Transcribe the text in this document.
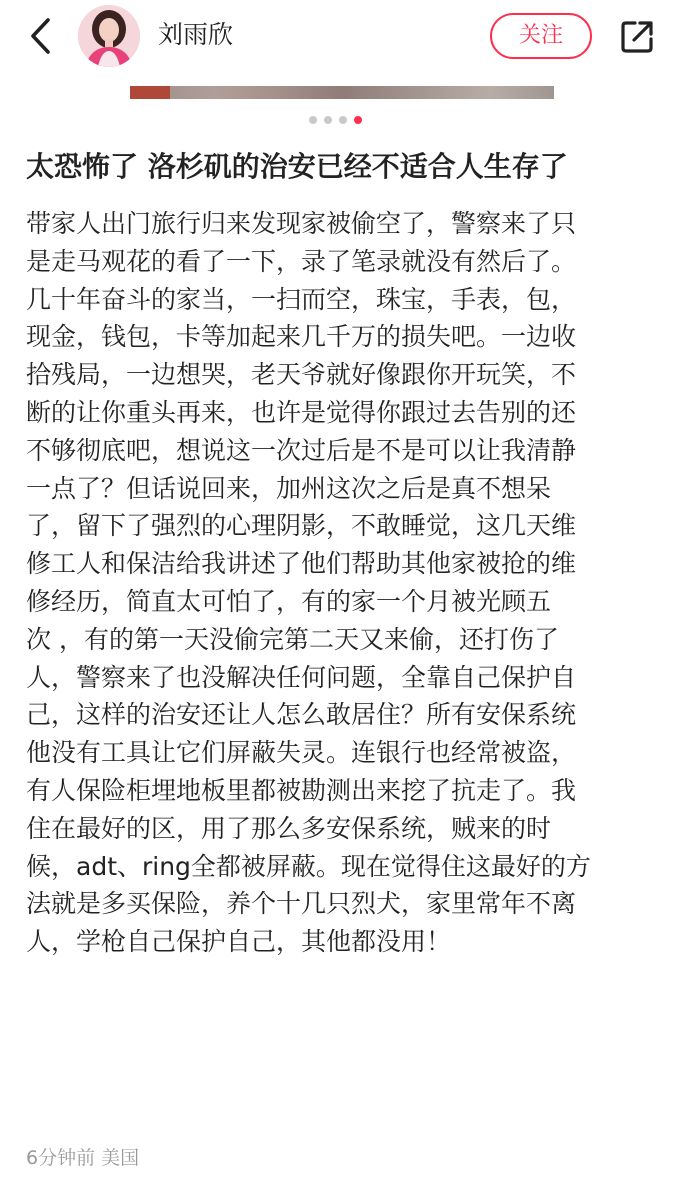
刘雨欣	关注
太恐怖了 洛杉矶的治安已经不适合人生存了
带家人出门旅行归来发现家被偷空了，警察来了只
是走马观花的看了一下，录了笔录就没有然后了。
几十年奋斗的家当，一扫而空，珠宝，手表，包，
现金，钱包，卡等加起来几千万的损失吧。一边收
拾残局，一边想哭，老天爷就好像跟你开玩笑，不
断的让你重头再来，也许是觉得你跟过去告别的还
不够彻底吧，想说这一次过后是不是可以让我清静
一点了？但话说回来，加州这次之后是真不想呆
了，留下了强烈的心理阴影，不敢睡觉，这几天维
修工人和保洁给我讲述了他们帮助其他家被抢的维
修经历，简直太可怕了，有的家一个月被光顾五
次 ，有的第一天没偷完第二天又来偷，还打伤了
人，警察来了也没解决任何问题，全靠自己保护自
己，这样的治安还让人怎么敢居住？所有安保系统
他没有工具让它们屏蔽失灵。连银行也经常被盗，
有人保险柜埋地板里都被勘测出来挖了抗走了。我
住在最好的区，用了那么多安保系统，贼来的时
候，adt、ring全都被屏蔽。现在觉得住这最好的方
法就是多买保险，养个十几只烈犬，家里常年不离
人，学枪自己保护自己，其他都没用！
6分钟前 美国
